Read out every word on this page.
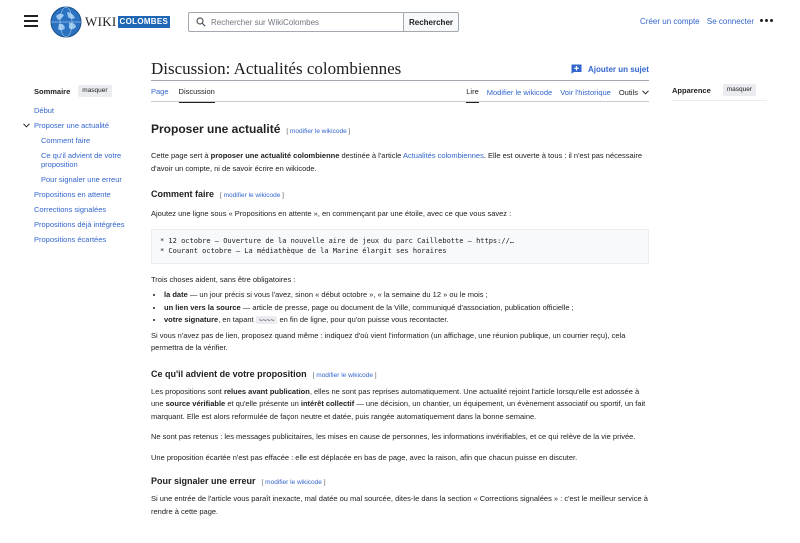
WIKI COLOMBES
Rechercher sur WikiColombes	Rechercher	Créer un compte Se connecter
Sommaire	masquer
Début
Proposer une actualité
Comment faire
Ce qu'il advient de votre proposition
Pour signaler une erreur
Propositions en attente
Corrections signalées
Propositions déjà intégrées
Propositions écartées
Discussion: Actualités colombiennes	Ajouter un sujet
Page Discussion	Lire Modifier le wikicode Voir l'historique Outils	Apparence	masquer
Proposer une actualité [ modifier le wikicode ]

Cette page sert à proposer une actualité colombienne destinée à l'article Actualités colombiennes. Elle est ouverte à tous : il n'est pas nécessaire d'avoir un compte, ni de savoir écrire en wikicode.

Comment faire [ modifier le wikicode ]

Ajoutez une ligne sous « Propositions en attente », en commençant par une étoile, avec ce que vous savez :

* 12 octobre — Ouverture de la nouvelle aire de jeux du parc Caillebotte — https://…
* Courant octobre — La médiathèque de la Marine élargit ses horaires

Trois choses aident, sans être obligatoires :

• la date — un jour précis si vous l'avez, sinon « début octobre », « la semaine du 12 » ou le mois ;
• un lien vers la source — article de presse, page ou document de la Ville, communiqué d'association, publication officielle ;
• votre signature, en tapant ~~~~ en fin de ligne, pour qu'on puisse vous recontacter.

Si vous n'avez pas de lien, proposez quand même : indiquez d'où vient l'information (un affichage, une réunion publique, un courrier reçu), cela permettra de la vérifier.

Ce qu'il advient de votre proposition [ modifier le wikicode ]

Les propositions sont relues avant publication, elles ne sont pas reprises automatiquement. Une actualité rejoint l'article lorsqu'elle est adossée à une source vérifiable et qu'elle présente un intérêt collectif — une décision, un chantier, un équipement, un évènement associatif ou sportif, un fait marquant. Elle est alors reformulée de façon neutre et datée, puis rangée automatiquement dans la bonne semaine.

Ne sont pas retenus : les messages publicitaires, les mises en cause de personnes, les informations invérifiables, et ce qui relève de la vie privée.

Une proposition écartée n'est pas effacée : elle est déplacée en bas de page, avec la raison, afin que chacun puisse en discuter.

Pour signaler une erreur [ modifier le wikicode ]

Si une entrée de l'article vous paraît inexacte, mal datée ou mal sourcée, dites-le dans la section « Corrections signalées » : c'est le meilleur service à rendre à cette page.
